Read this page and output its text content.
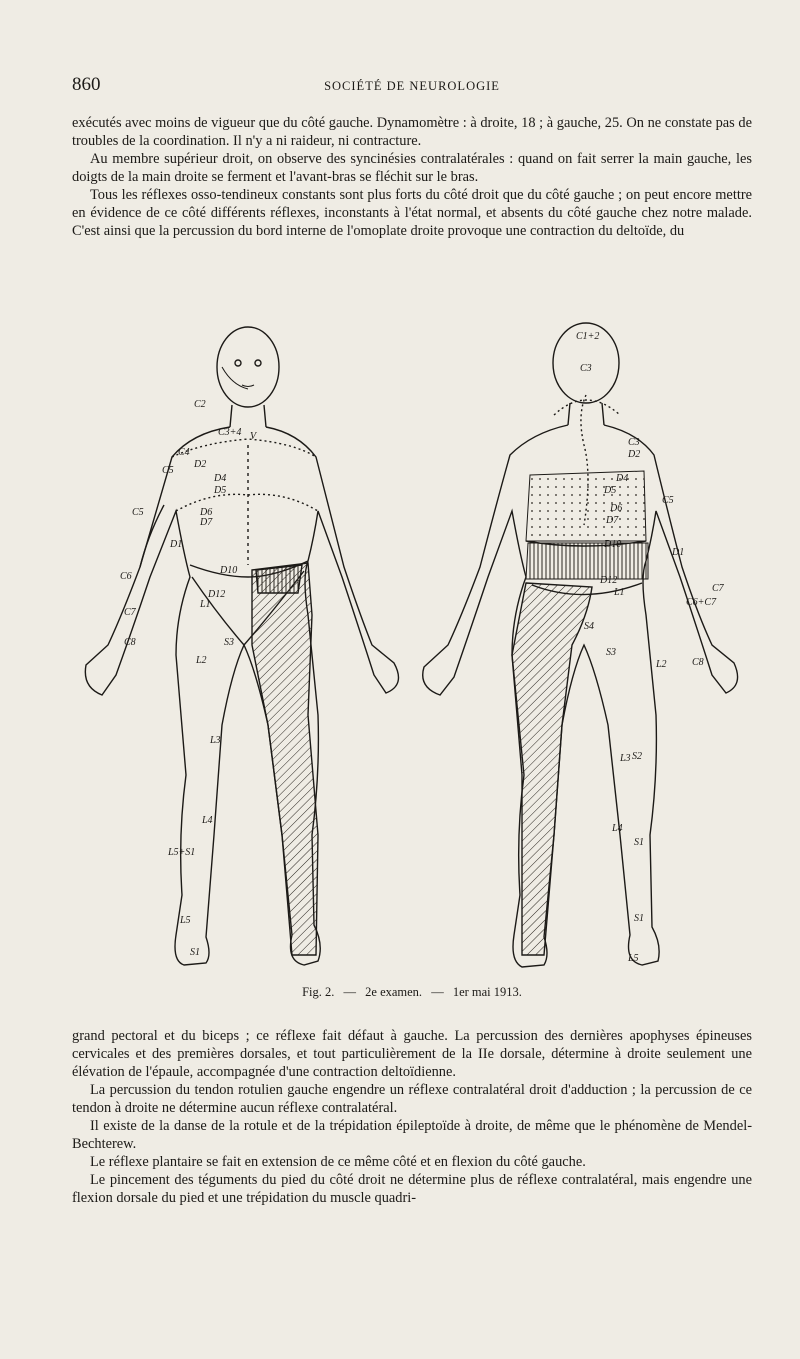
860	SOCIÉTÉ DE NEUROLOGIE

exécutés avec moins de vigueur que du côté gauche. Dynamomètre : à droite, 18 ; à gauche, 25. On ne constate pas de troubles de la coordination. Il n'y a ni raideur, ni contracture.

Au membre supérieur droit, on observe des syncinésies contralatérales : quand on fait serrer la main gauche, les doigts de la main droite se ferment et l'avant-bras se fléchit sur le bras.

Tous les réflexes osso-tendineux constants sont plus forts du côté droit que du côté gauche ; on peut encore mettre en évidence de ce côté différents réflexes, inconstants à l'état normal, et absents du côté gauche chez notre malade. C'est ainsi que la percussion du bord interne de l'omoplate droite provoque une contraction du deltoïde, du

C2
C3+4 V
C4
D2
D4
D5
D6
D7
D1
D10
D12
L1
S3
L2
L3
L4
L5
C5
C5
C6
C7
C8
L5+S1
S1
C1+2
C3
C3
D2
D4
D5
D6
D7
D10
D12
L1
S3
S4
L2
L3 S2
L4
S1
S1
L5
C5
C7
C6+C7
C8
D1
Fig. 2. — 2e examen. — 1er mai 1913.

grand pectoral et du biceps ; ce réflexe fait défaut à gauche. La percussion des dernières apophyses épineuses cervicales et des premières dorsales, et tout particulièrement de la IIe dorsale, détermine à droite seulement une élévation de l'épaule, accompagnée d'une contraction deltoïdienne.

La percussion du tendon rotulien gauche engendre un réflexe contralatéral droit d'adduction ; la percussion de ce tendon à droite ne détermine aucun réflexe contralatéral.

Il existe de la danse de la rotule et de la trépidation épileptoïde à droite, de même que le phénomène de Mendel-Bechterew.

Le réflexe plantaire se fait en extension de ce même côté et en flexion du côté gauche.

Le pincement des téguments du pied du côté droit ne détermine plus de réflexe contralatéral, mais engendre une flexion dorsale du pied et une trépidation du muscle quadri-
